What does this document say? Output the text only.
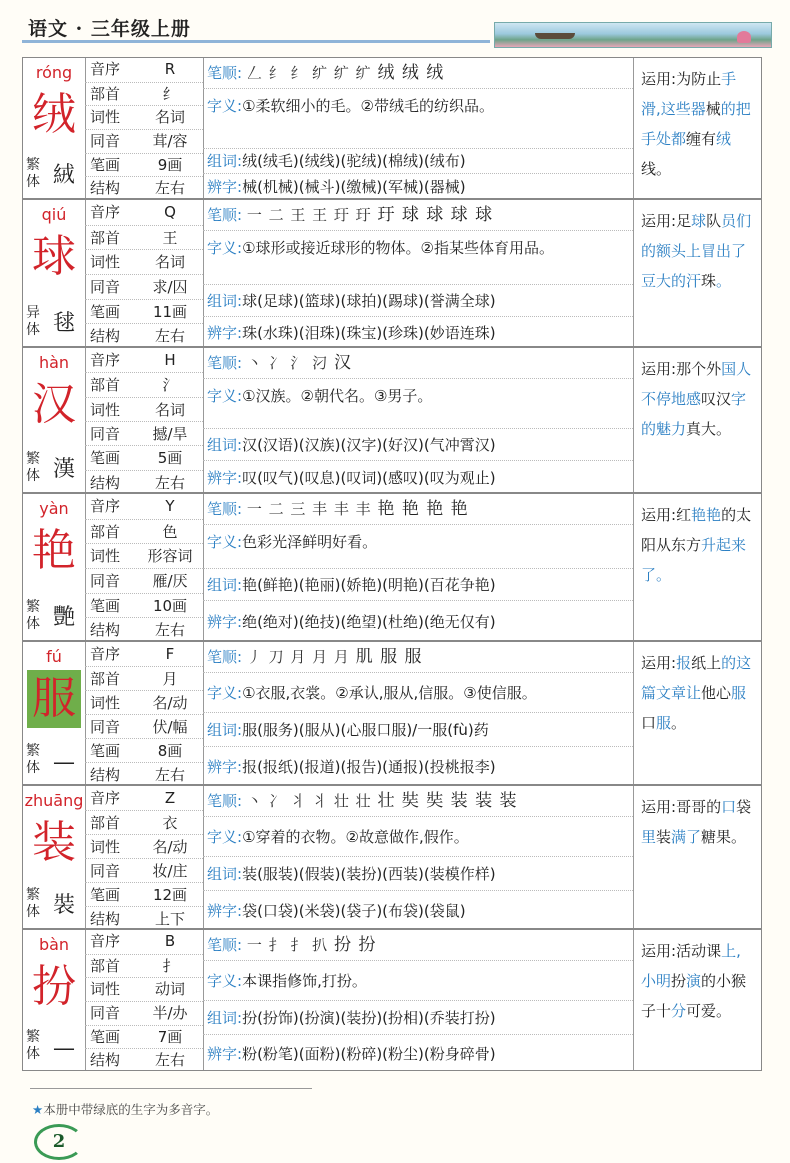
语文 · 三年级上册
róng
绒
繁体 絨
音序	R
部首	纟
词性	名词
同音	茸/容
笔画	9画
结构	左右
笔顺: 𠃋 纟 纟 纩 纩 纩 绒 绒 绒
字义:①柔软细小的毛。②带绒毛的纺织品。
组词:绒(绒毛)(绒线)(驼绒)(棉绒)(绒布)
辨字:械(机械)(械斗)(缴械)(军械)(器械)
运用:为防止手滑,这些器械的把手处都缠有绒线。
qiú
球
异体 毬
音序	Q
部首	王
词性	名词
同音	求/囚
笔画	11画
结构	左右
笔顺: 一 二 王 王 玗 玗 玗 球 球 球 球
字义:①球形或接近球形的物体。②指某些体育用品。
组词:球(足球)(篮球)(球拍)(踢球)(誉满全球)
辨字:珠(水珠)(泪珠)(珠宝)(珍珠)(妙语连珠)
运用:足球队员们的额头上冒出了豆大的汗珠。
hàn
汉
繁体 漢
音序	H
部首	氵
词性	名词
同音	撼/旱
笔画	5画
结构	左右
笔顺: 丶 冫 氵 汈 汉
字义:①汉族。②朝代名。③男子。
组词:汉(汉语)(汉族)(汉字)(好汉)(气冲霄汉)
辨字:叹(叹气)(叹息)(叹词)(感叹)(叹为观止)
运用:那个外国人不停地感叹汉字的魅力真大。
yàn
艳
繁体 艷
音序	Y
部首	色
词性	形容词
同音	雁/厌
笔画	10画
结构	左右
笔顺: 一 二 三 丰 丰 丰 艳 艳 艳 艳
字义:色彩光泽鲜明好看。
组词:艳(鲜艳)(艳丽)(娇艳)(明艳)(百花争艳)
辨字:绝(绝对)(绝技)(绝望)(杜绝)(绝无仅有)
运用:红艳艳的太阳从东方升起来了。
fú
服
繁体 —
音序	F
部首	月
词性	名/动
同音	伏/幅
笔画	8画
结构	左右
笔顺: 丿 刀 月 月 月 肌 服 服
字义:①衣服,衣裳。②承认,服从,信服。③使信服。
组词:服(服务)(服从)(心服口服)/一服(fù)药
辨字:报(报纸)(报道)(报告)(通报)(投桃报李)
运用:报纸上的这篇文章让他心服口服。
zhuāng
装
繁体 裝
音序	Z
部首	衣
词性	名/动
同音	妆/庄
笔画	12画
结构	上下
笔顺: 丶 冫 丬 丬 壮 壮 壮 奘 奘 装 装 装
字义:①穿着的衣物。②故意做作,假作。
组词:装(服装)(假装)(装扮)(西装)(装模作样)
辨字:袋(口袋)(米袋)(袋子)(布袋)(袋鼠)
运用:哥哥的口袋里装满了糖果。
bàn
扮
繁体 —
音序	B
部首	扌
词性	动词
同音	半/办
笔画	7画
结构	左右
笔顺: 一 扌 扌 扒 扮 扮
字义:本课指修饰,打扮。
组词:扮(扮饰)(扮演)(装扮)(扮相)(乔装打扮)
辨字:粉(粉笔)(面粉)(粉碎)(粉尘)(粉身碎骨)
运用:活动课上,小明扮演的小猴子十分可爱。
★本册中带绿底的生字为多音字。
2
